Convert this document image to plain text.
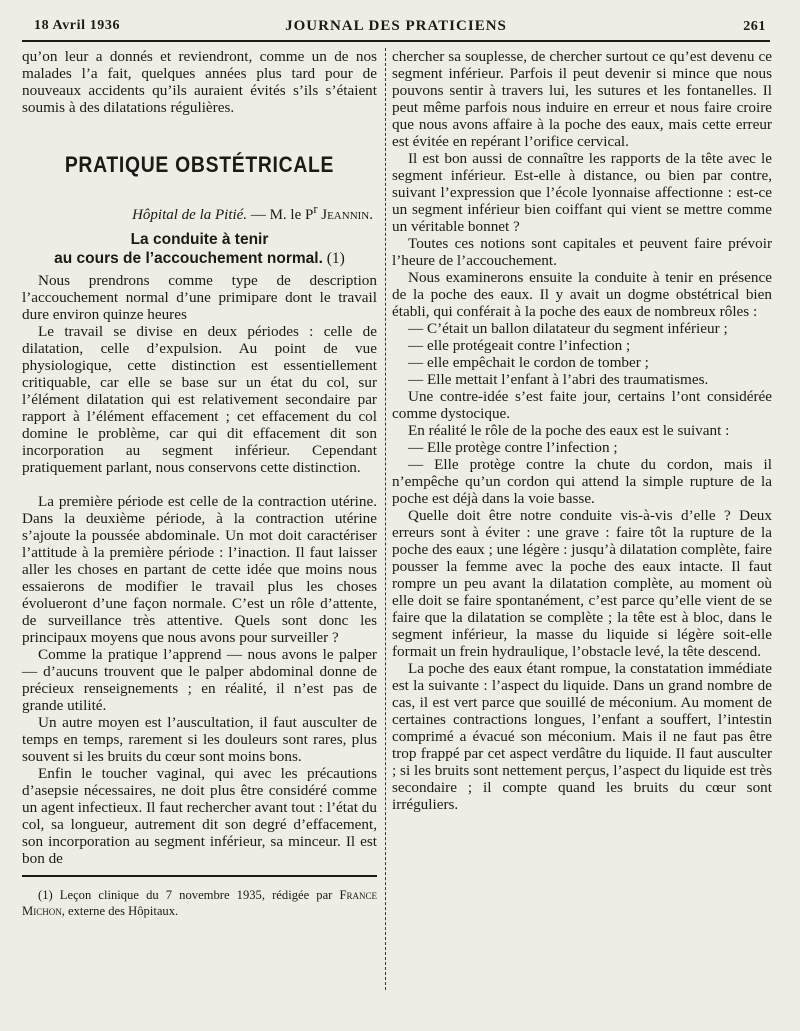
18 Avril 1936	JOURNAL DES PRATICIENS	261

qu’on leur a donnés et reviendront, comme un de nos malades l’a fait, quelques années plus tard pour de nouveaux accidents qu’ils auraient évités s’ils s’étaient soumis à des dilatations régulières.

PRATIQUE OBSTÉTRICALE
Hôpital de la Pitié. — M. le $P^r$ Jeannin.
La conduite à tenir
au cours de l’accouchement normal. (1)

Nous prendrons comme type de description l’accouchement normal d’une primipare dont le travail dure environ quinze heures

Le travail se divise en deux périodes : celle de dilatation, celle d’expulsion. Au point de vue physiologique, cette distinction est essentiellement critiquable, car elle se base sur un état du col, sur l’élément dilatation qui est relativement secondaire par rapport à l’élément effacement ; cet effacement du col domine le problème, car qui dit effacement dit son incorporation au segment inférieur. Cependant pratiquement parlant, nous conservons cette distinction.

La première période est celle de la contraction utérine. Dans la deuxième période, à la contraction utérine s’ajoute la poussée abdominale. Un mot doit caractériser l’attitude à la première période : l’inaction. Il faut laisser aller les choses en partant de cette idée que moins nous essaierons de modifier le travail plus les choses évolueront d’une façon normale. C’est un rôle d’attente, de surveillance très attentive. Quels sont donc les principaux moyens que nous avons pour surveiller ?

Comme la pratique l’apprend — nous avons le palper — d’aucuns trouvent que le palper abdominal donne de précieux renseignements ; en réalité, il n’est pas de grande utilité.

Un autre moyen est l’auscultation, il faut ausculter de temps en temps, rarement si les douleurs sont rares, plus souvent si les bruits du cœur sont moins bons.

Enfin le toucher vaginal, qui avec les précautions d’asepsie nécessaires, ne doit plus être considéré comme un agent infectieux. Il faut rechercher avant tout : l’état du col, sa longueur, autrement dit son degré d’effacement, son incorporation au segment inférieur, sa minceur. Il est bon de

(1) Leçon clinique du 7 novembre 1935, rédigée par France Michon, externe des Hôpitaux.

chercher sa souplesse, de chercher surtout ce qu’est devenu ce segment inférieur. Parfois il peut devenir si mince que nous pouvons sentir à travers lui, les sutures et les fontanelles. Il peut même parfois nous induire en erreur et nous faire croire que nous avons affaire à la poche des eaux, mais cette erreur est évitée en repérant l’orifice cervical.

Il est bon aussi de connaître les rapports de la tête avec le segment inférieur. Est-elle à distance, ou bien par contre, suivant l’expression que l’école lyonnaise affectionne : est-ce un segment inférieur bien coiffant qui vient se mettre comme un véritable bonnet ?

Toutes ces notions sont capitales et peuvent faire prévoir l’heure de l’accouchement.

Nous examinerons ensuite la conduite à tenir en présence de la poche des eaux. Il y avait un dogme obstétrical bien établi, qui conférait à la poche des eaux de nombreux rôles :

— C’était un ballon dilatateur du segment inférieur ;

— elle protégeait contre l’infection ;

— elle empêchait le cordon de tomber ;

— Elle mettait l’enfant à l’abri des traumatismes.

Une contre-idée s’est faite jour, certains l’ont considérée comme dystocique.

En réalité le rôle de la poche des eaux est le suivant :

— Elle protège contre l’infection ;

— Elle protège contre la chute du cordon, mais il n’empêche qu’un cordon qui attend la simple rupture de la poche est déjà dans la voie basse.

Quelle doit être notre conduite vis-à-vis d’elle ? Deux erreurs sont à éviter : une grave : faire tôt la rupture de la poche des eaux ; une légère : jusqu’à dilatation complète, faire pousser la femme avec la poche des eaux intacte. Il faut rompre un peu avant la dilatation complète, au moment où elle doit se faire spontanément, c’est parce qu’elle vient de se faire que la dilatation se complète ; la tête est à bloc, dans le segment inférieur, la masse du liquide si légère soit-elle formait un frein hydraulique, l’obstacle levé, la tête descend.

La poche des eaux étant rompue, la constatation immédiate est la suivante : l’aspect du liquide. Dans un grand nombre de cas, il est vert parce que souillé de méconium. Au moment de certaines contractions longues, l’enfant a souffert, l’intestin comprimé a évacué son méconium. Mais il ne faut pas être trop frappé par cet aspect verdâtre du liquide. Il faut ausculter ; si les bruits sont nettement perçus, l’aspect du liquide est très secondaire ; il compte quand les bruits du cœur sont irréguliers.
